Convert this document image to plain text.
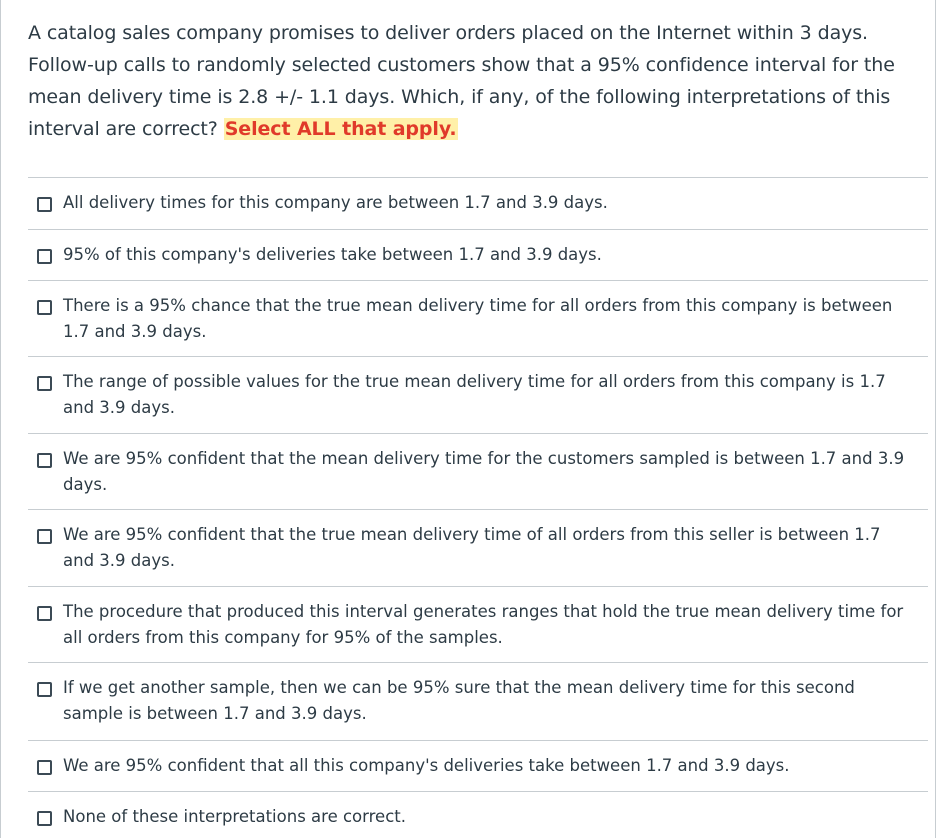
A catalog sales company promises to deliver orders placed on the Internet within 3 days. Follow-up calls to randomly selected customers show that a 95% confidence interval for the mean delivery time is 2.8 +/- 1.1 days. Which, if any, of the following interpretations of this interval are correct? Select ALL that apply.
All delivery times for this company are between 1.7 and 3.9 days.
95% of this company's deliveries take between 1.7 and 3.9 days.
There is a 95% chance that the true mean delivery time for all orders from this company is between 1.7 and 3.9 days.
The range of possible values for the true mean delivery time for all orders from this company is 1.7 and 3.9 days.
We are 95% confident that the mean delivery time for the customers sampled is between 1.7 and 3.9 days.
We are 95% confident that the true mean delivery time of all orders from this seller is between 1.7 and 3.9 days.
The procedure that produced this interval generates ranges that hold the true mean delivery time for all orders from this company for 95% of the samples.
If we get another sample, then we can be 95% sure that the mean delivery time for this second sample is between 1.7 and 3.9 days.
We are 95% confident that all this company's deliveries take between 1.7 and 3.9 days.
None of these interpretations are correct.
